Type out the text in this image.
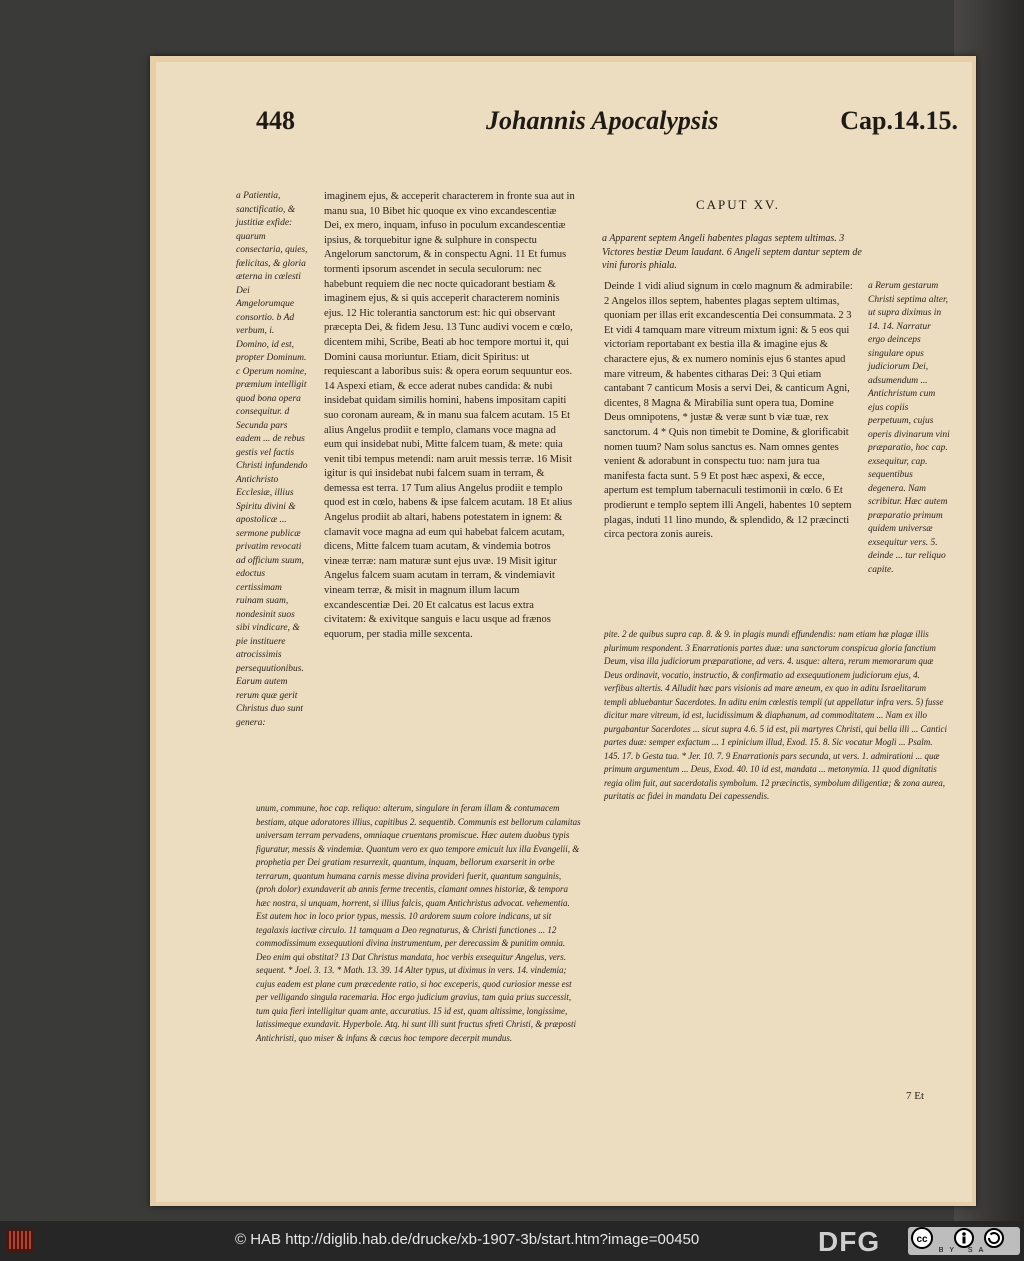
448	Johannis Apocalypsis	Cap.14.15.
a Patientia, sanctificatio, & justitiæ exfide: quarum consectaria, quies, fœlicitas, & gloria æterna in cœlesti Dei Amgelorumque consortio. b Ad verbum, i. Domino, id est, propter Dominum. c Operum nomine, præmium intelligit quod bona opera consequitur. d Secunda pars eadem ... de rebus gestis vel factis Christi infundendo Antichristo Ecclesiæ, illius Spiritu divini & apostolicæ ... sermone publicæ privatim revocati ad officium suum, edoctus certissimam ruinam suam, nondesinit suos sibi vindicare, & pie instituere atrocissimis persequutionibus. Earum autem rerum quæ gerit Christus duo sunt genera:
imaginem ejus, & acceperit characterem in fronte sua aut in manu sua, 10 Bibet hic quoque ex vino excandescentiæ Dei, ex mero, inquam, infuso in poculum excandescentiæ ipsius, & torquebitur igne & sulphure in conspectu Angelorum sanctorum, & in conspectu Agni. 11 Et fumus tormenti ipsorum ascendet in secula seculorum: nec habebunt requiem die nec nocte quicadorant bestiam & imaginem ejus, & si quis acceperit characterem nominis ejus. 12 Hic tolerantia sanctorum est: hic qui observant præcepta Dei, & fidem Jesu. 13 Tunc audivi vocem e cœlo, dicentem mihi, Scribe, Beati ab hoc tempore mortui it, qui Domini causa moriuntur. Etiam, dicit Spiritus: ut requiescant a laboribus suis: & opera eorum sequuntur eos. 14 Aspexi etiam, & ecce aderat nubes candida: & nubi insidebat quidam similis homini, habens impositam capiti suo coronam auream, & in manu sua falcem acutam. 15 Et alius Angelus prodiit e templo, clamans voce magna ad eum qui insidebat nubi, Mitte falcem tuam, & mete: quia venit tibi tempus metendi: nam aruit messis terræ. 16 Misit igitur is qui insidebat nubi falcem suam in terram, & demessa est terra. 17 Tum alius Angelus prodiit e templo quod est in cœlo, habens & ipse falcem acutam. 18 Et alius Angelus prodiit ab altari, habens potestatem in ignem: & clamavit voce magna ad eum qui habebat falcem acutam, dicens, Mitte falcem tuam acutam, & vindemia botros vineæ terræ: nam maturæ sunt ejus uvæ. 19 Misit igitur Angelus falcem suam acutam in terram, & vindemiavit vineam terræ, & misit in magnum illum lacum excandescentiæ Dei. 20 Et calcatus est lacus extra civitatem: & exivitque sanguis e lacu usque ad frænos equorum, per stadia mille sexcenta.
unum, commune, hoc cap. reliquo: alterum, singulare in feram illam & contumacem bestiam, atque adoratores illius, capitibus 2. sequentib. Communis est bellorum calamitas universam terram pervadens, omniaque cruentans promiscue. Hæc autem duobus typis figuratur, messis & vindemiæ. Quantum vero ex quo tempore emicuit lux illa Evangelii, & prophetia per Dei gratiam resurrexit, quantum, inquam, bellorum exarserit in orbe terrarum, quantum humana carnis messe divina provideri fuerit, quantum sanguinis, (proh dolor) exundaverit ab annis ferme trecentis, clamant omnes historiæ, & tempora hæc nostra, si unquam, horrent, si illius falcis, quam Antichristus advocat. vehementia. Est autem hoc in loco prior typus, messis. 10 ardorem suum colore indicans, ut sit tegalaxis iactivæ circulo. 11 tamquam a Deo regnaturus, & Christi functiones ... 12 commodissimum exsequutioni divina instrumentum, per derecassim & punitim omnia. Deo enim qui obstitat? 13 Dat Christus mandata, hoc verbis exsequitur Angelus, vers. sequent. * Joel. 3. 13. * Math. 13. 39. 14 Alter typus, ut diximus in vers. 14. vindemia; cujus eadem est plane cum præcedente ratio, si hoc exceperis, quod curiosior messe est per velligando singula racemaria. Hoc ergo judicium gravius, tam quia prius successit, tum quia fieri intelligitur quam ante, accuratius. 15 id est, quam altissime, longissime, latissimeque exundavit. Hyperbole. Atq. hi sunt illi sunt fructus sfreti Christi, & præposti Antichristi, quo miser & infans & cæcus hoc tempore decerpit mundus.
CAPUT XV.
a Apparent septem Angeli habentes plagas septem ultimas. 3 Victores bestiæ Deum laudant. 6 Angeli septem dantur septem de vini furoris phiala.
Deinde 1 vidi aliud signum in cœlo magnum & admirabile: 2 Angelos illos septem, habentes plagas septem ultimas, quoniam per illas erit excandescentia Dei consummata. 2 3 Et vidi 4 tamquam mare vitreum mixtum igni: & 5 eos qui victoriam reportabant ex bestia illa & imagine ejus & charactere ejus, & ex numero nominis ejus 6 stantes apud mare vitreum, & habentes citharas Dei: 3 Qui etiam cantabant 7 canticum Mosis a servi Dei, & canticum Agni, dicentes, 8 Magna & Mirabilia sunt opera tua, Domine Deus omnipotens, * justæ & veræ sunt b viæ tuæ, rex sanctorum. 4 * Quis non timebit te Domine, & glorificabit nomen tuum? Nam solus sanctus es. Nam omnes gentes venient & adorabunt in conspectu tuo: nam jura tua manifesta facta sunt. 5 9 Et post hæc aspexi, & ecce, apertum est templum tabernaculi testimonii in cœlo. 6 Et prodierunt e templo septem illi Angeli, habentes 10 septem plagas, induti 11 lino mundo, & splendido, & 12 præcincti circa pectora zonis aureis.
a Rerum gestarum Christi septima alter, ut supra diximus in 14. 14. Narratur ergo deinceps singulare opus judiciorum Dei, adsumendum ... Antichristum cum ejus copiis perpetuum, cujus operis divinarum vini præparatio, hoc cap. exsequitur, cap. sequentibus degenera. Nam scribitur. Hæc autem præparatio primum quidem universæ exsequitur vers. 5. deinde ... tur reliquo capite.
pite. 2 de quibus supra cap. 8. & 9. in plagis mundi effundendis: nam etiam hæ plagæ illis plurimum respondent. 3 Enarrationis partes duæ: una sanctorum conspicua gloria fanctium Deum, visa illa judiciorum præparatione, ad vers. 4. usque: altera, rerum memorarum quæ Deus ordinavit, vocatio, instructio, & confirmatio ad exsequutionem judiciorum ejus, 4. verfibus altertis. 4 Alludit hæc pars visionis ad mare æneum, ex quo in aditu Israelitarum templi abluebantur Sacerdotes. In aditu enim cœlestis templi (ut appellatur infra vers. 5) fusse dicitur mare vitreum, id est, lucidissimum & diaphanum, ad commoditatem ... Nam ex illo purgabantur Sacerdotes ... sicut supra 4.6. 5 id est, pii martyres Christi, qui bella illi ... Cantici partes duæ: semper exfactum ... 1 epinicium illud, Exod. 15. 8. Sic vocatur Mogli ... Psalm. 145. 17. b Gesta tua. * Jer. 10. 7. 9 Enarrationis pars secunda, ut vers. 1. admirationi ... quæ primum argumentum ... Deus, Exod. 40. 10 id est, mandata ... metonymia. 11 quod dignitatis regia olim fuit, aut sacerdotalis symbolum. 12 præcinctis, symbolum diligentiæ; & zona aurea, puritatis ac fidei in mandatu Dei capessendis.
7 Et
© HAB http://diglib.hab.de/drucke/xb-1907-3b/start.htm?image=00450	DFG	cc
BY SA
